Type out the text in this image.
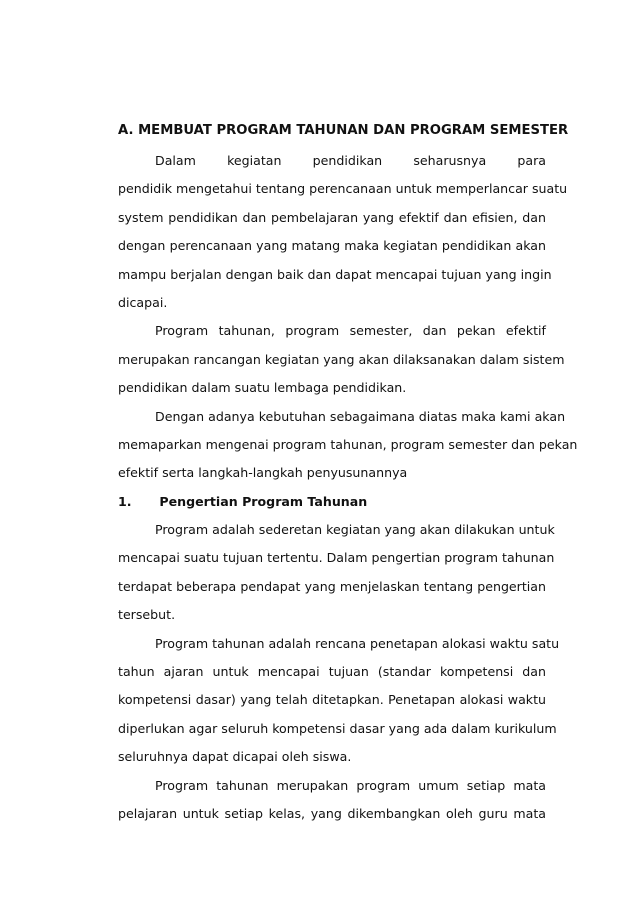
A. MEMBUAT PROGRAM TAHUNAN DAN PROGRAM SEMESTER
Dalam kegiatan pendidikan seharusnya para
pendidik mengetahui tentang perencanaan untuk memperlancar suatu
system pendidikan dan pembelajaran yang efektif dan efisien, dan
dengan perencanaan yang matang maka kegiatan pendidikan akan
mampu berjalan dengan baik dan dapat mencapai tujuan yang ingin
dicapai.
Program tahunan, program semester, dan pekan efektif
merupakan rancangan kegiatan yang akan dilaksanakan dalam sistem
pendidikan dalam suatu lembaga pendidikan.
Dengan adanya kebutuhan sebagaimana diatas maka kami akan
memaparkan mengenai program tahunan, program semester dan pekan
efektif serta langkah-langkah penyusunannya
1. Pengertian Program Tahunan
Program adalah sederetan kegiatan yang akan dilakukan untuk
mencapai suatu tujuan tertentu. Dalam pengertian program tahunan
terdapat beberapa pendapat yang menjelaskan tentang pengertian
tersebut.
Program tahunan adalah rencana penetapan alokasi waktu satu
tahun ajaran untuk mencapai tujuan (standar kompetensi dan
kompetensi dasar) yang telah ditetapkan. Penetapan alokasi waktu
diperlukan agar seluruh kompetensi dasar yang ada dalam kurikulum
seluruhnya dapat dicapai oleh siswa.
Program tahunan merupakan program umum setiap mata
pelajaran untuk setiap kelas, yang dikembangkan oleh guru mata
